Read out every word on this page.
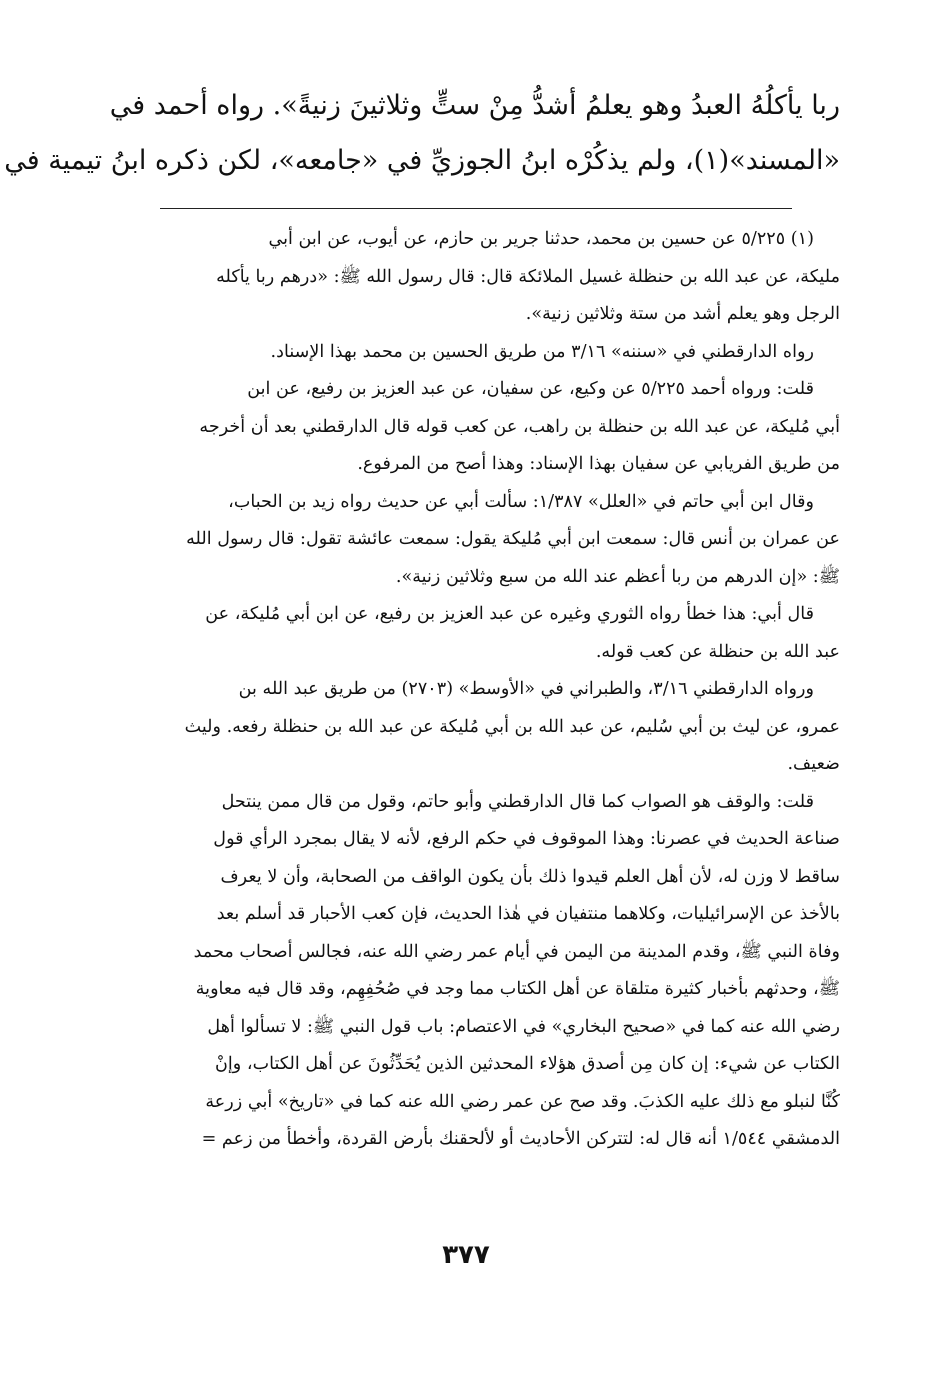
ربا يأكلُهُ العبدُ وهو يعلمُ أشدُّ مِنْ ستٍّ وثلاثينَ زنيةً». رواه أحمد في
«المسند»(١)، ولم يذكُرْه ابنُ الجوزيِّ في «جامعه»، لكن ذكره ابنُ تيمية في
(١) ٥/٢٢٥ عن حسين بن محمد، حدثنا جرير بن حازم، عن أيوب، عن ابن أبي
مليكة، عن عبد الله بن حنظلة غسيل الملائكة قال: قال رسول الله ﷺ: «درهم ربا يأكله
الرجل وهو يعلم أشد من ستة وثلاثين زنية».
رواه الدارقطني في «سننه» ٣/١٦ من طريق الحسين بن محمد بهذا الإسناد.
قلت: ورواه أحمد ٥/٢٢٥ عن وكيع، عن سفيان، عن عبد العزيز بن رفيع، عن ابن
أبي مُليكة، عن عبد الله بن حنظلة بن راهب، عن كعب قوله قال الدارقطني بعد أن أخرجه
من طريق الفريابي عن سفيان بهذا الإسناد: وهذا أصح من المرفوع.
وقال ابن أبي حاتم في «العلل» ١/٣٨٧: سألت أبي عن حديث رواه زيد بن الحباب،
عن عمران بن أنس قال: سمعت ابن أبي مُليكة يقول: سمعت عائشة تقول: قال رسول الله
ﷺ: «إن الدرهم من ربا أعظم عند الله من سبع وثلاثين زنية».
قال أبي: هذا خطأ رواه الثوري وغيره عن عبد العزيز بن رفيع، عن ابن أبي مُليكة، عن
عبد الله بن حنظلة عن كعب قوله.
ورواه الدارقطني ٣/١٦، والطبراني في «الأوسط» (٢٧٠٣) من طريق عبد الله بن
عمرو، عن ليث بن أبي سُليم، عن عبد الله بن أبي مُليكة عن عبد الله بن حنظلة رفعه. وليث
ضعيف.
قلت: والوقف هو الصواب كما قال الدارقطني وأبو حاتم، وقول من قال ممن ينتحل
صناعة الحديث في عصرنا: وهذا الموقوف في حكم الرفع، لأنه لا يقال بمجرد الرأي قول
ساقط لا وزن له، لأن أهل العلم قيدوا ذلك بأن يكون الواقف من الصحابة، وأن لا يعرف
بالأخذ عن الإسرائيليات، وكلاهما منتفيان في هٰذا الحديث، فإن كعب الأحبار قد أسلم بعد
وفاة النبي ﷺ، وقدم المدينة من اليمن في أيام عمر رضي الله عنه، فجالس أصحاب محمد
ﷺ، وحدثهم بأخبار كثيرة متلقاة عن أهل الكتاب مما وجد في صُحُفِهِم، وقد قال فيه معاوية
رضي الله عنه كما في «صحيح البخاري» في الاعتصام: باب قول النبي ﷺ: لا تسألوا أهل
الكتاب عن شيء: إن كان مِن أصدق هؤلاء المحدثين الذين يُحَدِّثُونَ عن أهل الكتاب، وإنْ
كُنَّا لنبلو مع ذلك عليه الكذبَ. وقد صح عن عمر رضي الله عنه كما في «تاريخ» أبي زرعة
الدمشقي ١/٥٤٤ أنه قال له: لتتركن الأحاديث أو لألحقنك بأرض القردة، وأخطأ من زعم =
٣٧٧
